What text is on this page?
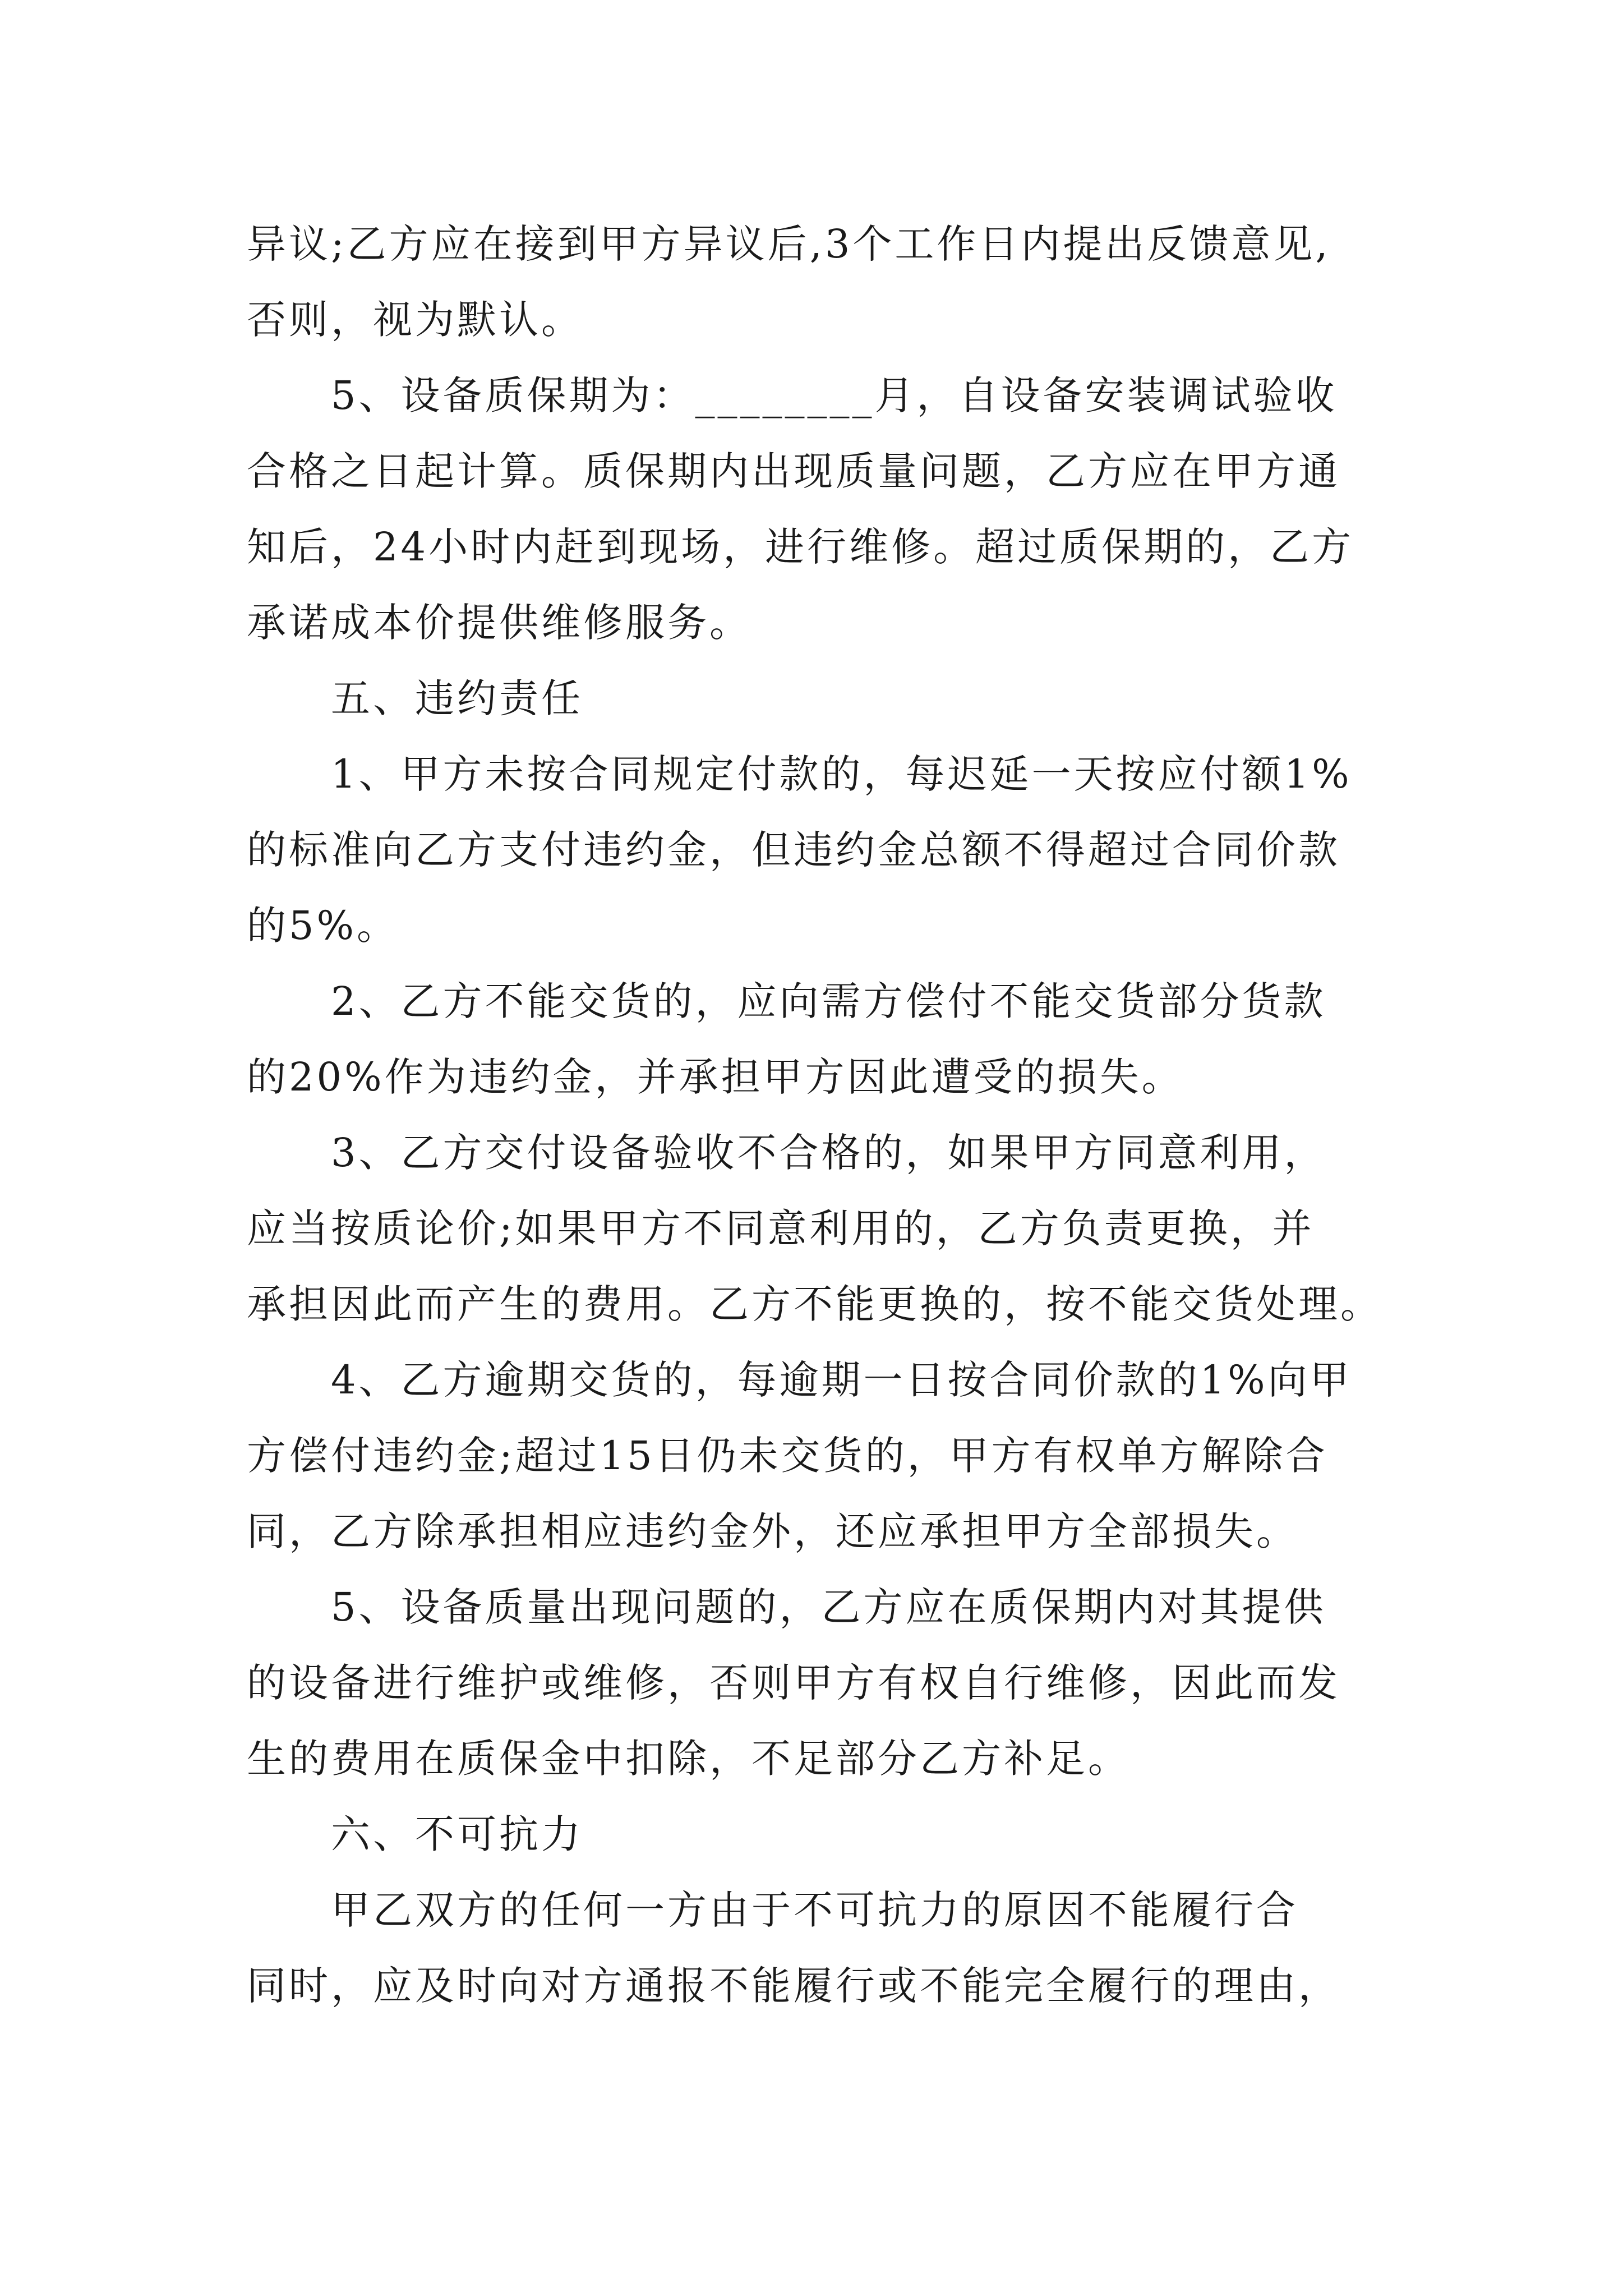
异议;乙方应在接到甲方异议后,3个工作日内提出反馈意见,

否则，视为默认。

5、设备质保期为：________月，自设备安装调试验收

合格之日起计算。质保期内出现质量问题，乙方应在甲方通

知后，24小时内赶到现场，进行维修。超过质保期的，乙方

承诺成本价提供维修服务。

五、违约责任

1、甲方未按合同规定付款的，每迟延一天按应付额1%

的标准向乙方支付违约金，但违约金总额不得超过合同价款

的5%。

2、乙方不能交货的，应向需方偿付不能交货部分货款

的20%作为违约金，并承担甲方因此遭受的损失。

3、乙方交付设备验收不合格的，如果甲方同意利用，

应当按质论价;如果甲方不同意利用的，乙方负责更换，并

承担因此而产生的费用。乙方不能更换的，按不能交货处理。

4、乙方逾期交货的，每逾期一日按合同价款的1%向甲

方偿付违约金;超过15日仍未交货的，甲方有权单方解除合

同，乙方除承担相应违约金外，还应承担甲方全部损失。

5、设备质量出现问题的，乙方应在质保期内对其提供

的设备进行维护或维修，否则甲方有权自行维修，因此而发

生的费用在质保金中扣除，不足部分乙方补足。

六、不可抗力

甲乙双方的任何一方由于不可抗力的原因不能履行合

同时，应及时向对方通报不能履行或不能完全履行的理由，
